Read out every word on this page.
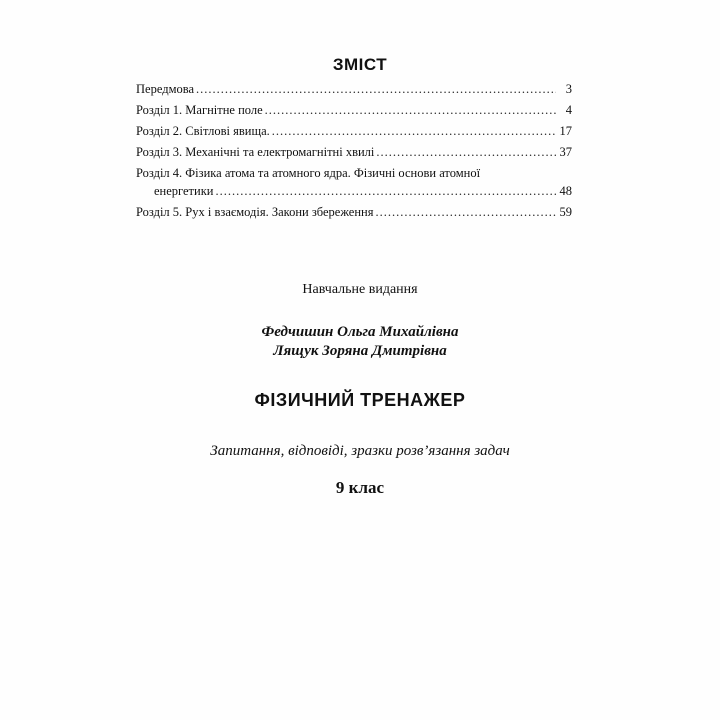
ЗМІСТ
Передмова .....	3
Розділ 1. Магнітне поле .....	4
Розділ 2. Світлові явища. .....	17
Розділ 3. Механічні та електромагнітні хвилі .....	37
Розділ 4. Фізика атома та атомного ядра. Фізичні основи атомної
енергетики .....	48
Розділ 5. Рух і взаємодія. Закони збереження .....	59
Навчальне видання
Федчишин Ольга Михайлівна
Лящук Зоряна Дмитрівна
ФІЗИЧНИЙ ТРЕНАЖЕР
Запитання, відповіді, зразки розв’язання задач
9 клас
